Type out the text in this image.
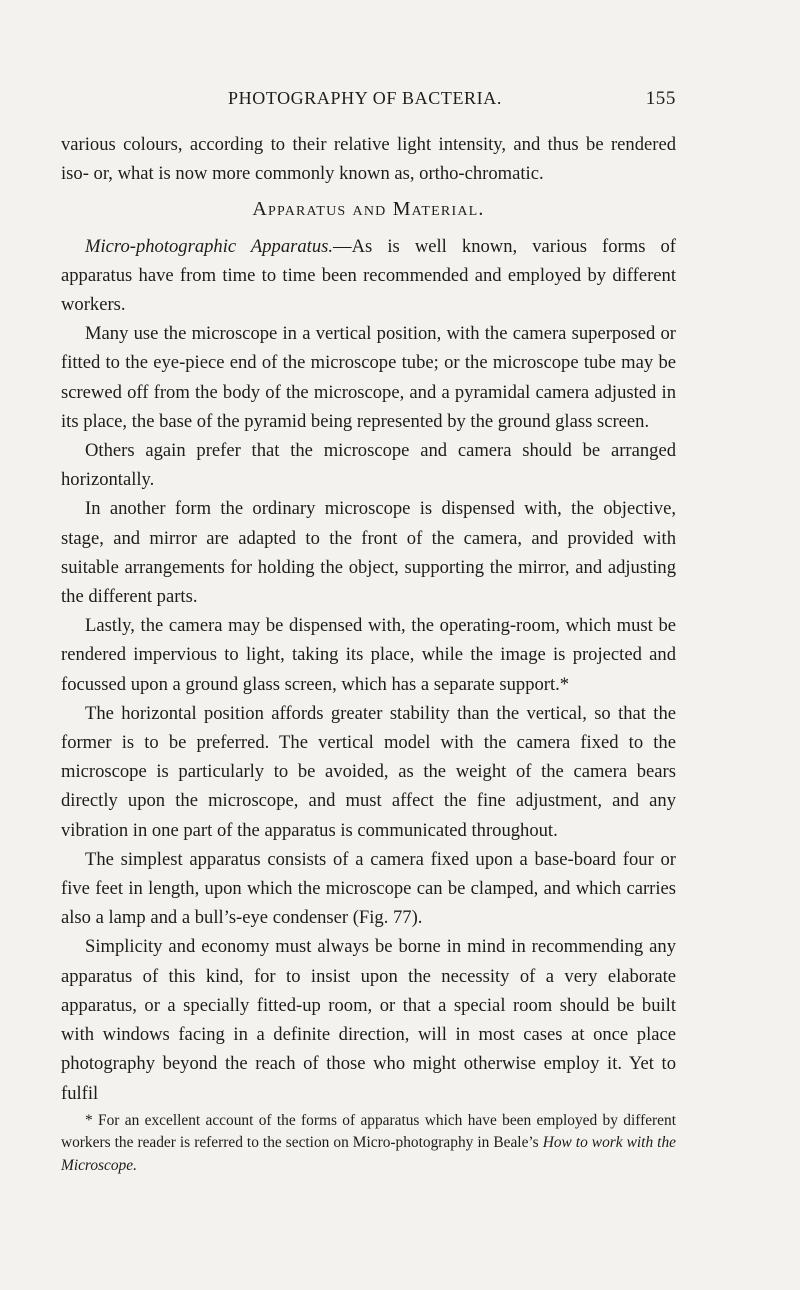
PHOTOGRAPHY OF BACTERIA.	155

various colours, according to their relative light intensity, and thus be rendered iso- or, what is now more commonly known as, ortho-chromatic.

Apparatus and Material.

Micro-photographic Apparatus.—As is well known, various forms of apparatus have from time to time been recommended and employed by different workers.

Many use the microscope in a vertical position, with the camera superposed or fitted to the eye-piece end of the microscope tube; or the microscope tube may be screwed off from the body of the microscope, and a pyramidal camera adjusted in its place, the base of the pyramid being represented by the ground glass screen.

Others again prefer that the microscope and camera should be arranged horizontally.

In another form the ordinary microscope is dispensed with, the objective, stage, and mirror are adapted to the front of the camera, and provided with suitable arrangements for holding the object, supporting the mirror, and adjusting the different parts.

Lastly, the camera may be dispensed with, the operating-room, which must be rendered impervious to light, taking its place, while the image is projected and focussed upon a ground glass screen, which has a separate support.*

The horizontal position affords greater stability than the vertical, so that the former is to be preferred. The vertical model with the camera fixed to the microscope is particularly to be avoided, as the weight of the camera bears directly upon the microscope, and must affect the fine adjustment, and any vibration in one part of the apparatus is communicated throughout.

The simplest apparatus consists of a camera fixed upon a base-board four or five feet in length, upon which the microscope can be clamped, and which carries also a lamp and a bull’s-eye condenser (Fig. 77).

Simplicity and economy must always be borne in mind in recommending any apparatus of this kind, for to insist upon the necessity of a very elaborate apparatus, or a specially fitted-up room, or that a special room should be built with windows facing in a definite direction, will in most cases at once place photography beyond the reach of those who might otherwise employ it. Yet to fulfil

* For an excellent account of the forms of apparatus which have been employed by different workers the reader is referred to the section on Micro-photography in Beale’s How to work with the Microscope.
